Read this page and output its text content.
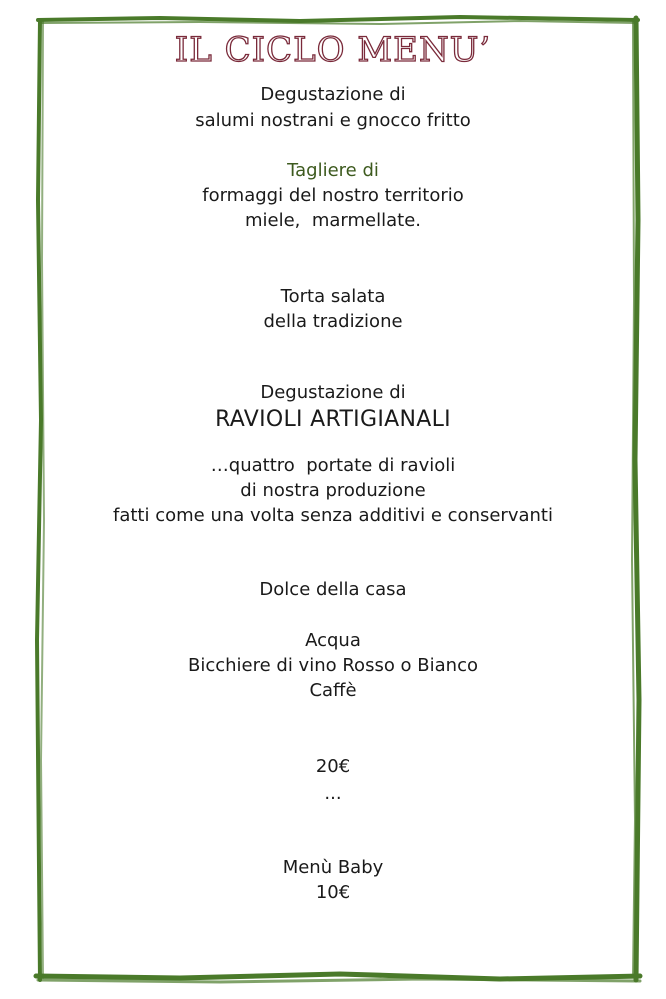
IL CICLO MENU’
Degustazione di
salumi nostrani e gnocco fritto
Tagliere di
formaggi del nostro territorio
miele,  marmellate.
Torta salata
della tradizione
Degustazione di
RAVIOLI ARTIGIANALI
…quattro  portate di ravioli
di nostra produzione
fatti come una volta senza additivi e conservanti
Dolce della casa
Acqua
Bicchiere di vino Rosso o Bianco
Caffè
20€
...
Menù Baby
10€
